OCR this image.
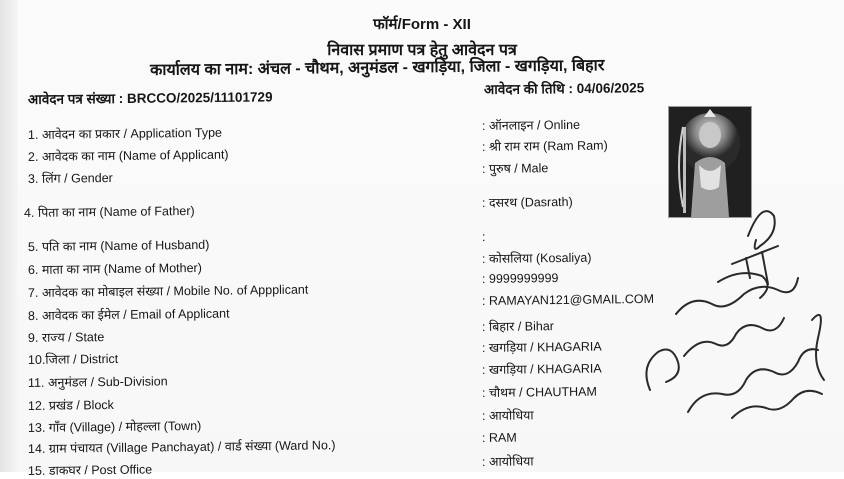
फॉर्म/Form - XII
निवास प्रमाण पत्र हेतु आवेदन पत्र
कार्यालय का नाम: अंचल - चौथम, अनुमंडल - खगड़िया, जिला - खगड़िया, बिहार
आवेदन पत्र संख्या : BRCCO/2025/11101729
आवेदन की तिथि : 04/06/2025
1. आवेदन का प्रकार / Application Type
: ऑनलाइन / Online
2. आवेदक का नाम (Name of Applicant)
: श्री राम राम (Ram Ram)
3. लिंग / Gender
: पुरुष / Male
4. पिता का नाम (Name of Father)
: दसरथ (Dasrath)
5. पति का नाम (Name of Husband)
:
6. माता का नाम (Name of Mother)
: कोसलिया (Kosaliya)
7. आवेदक का मोबाइल संख्या / Mobile No. of Appplicant
: 9999999999
8. आवेदक का ईमेल / Email of Applicant
: RAMAYAN121@GMAIL.COM
9. राज्य / State
: बिहार / Bihar
10.जिला / District
: खगड़िया / KHAGARIA
11. अनुमंडल / Sub-Division
: खगड़िया / KHAGARIA
12. प्रखंड / Block
: चौथम / CHAUTHAM
13. गाँव (Village) / मोहल्ला (Town)
: आयोधिया
14. ग्राम पंचायत (Village Panchayat) / वार्ड संख्या (Ward No.)
: RAM
15. डाकघर / Post Office
: आयोधिया
